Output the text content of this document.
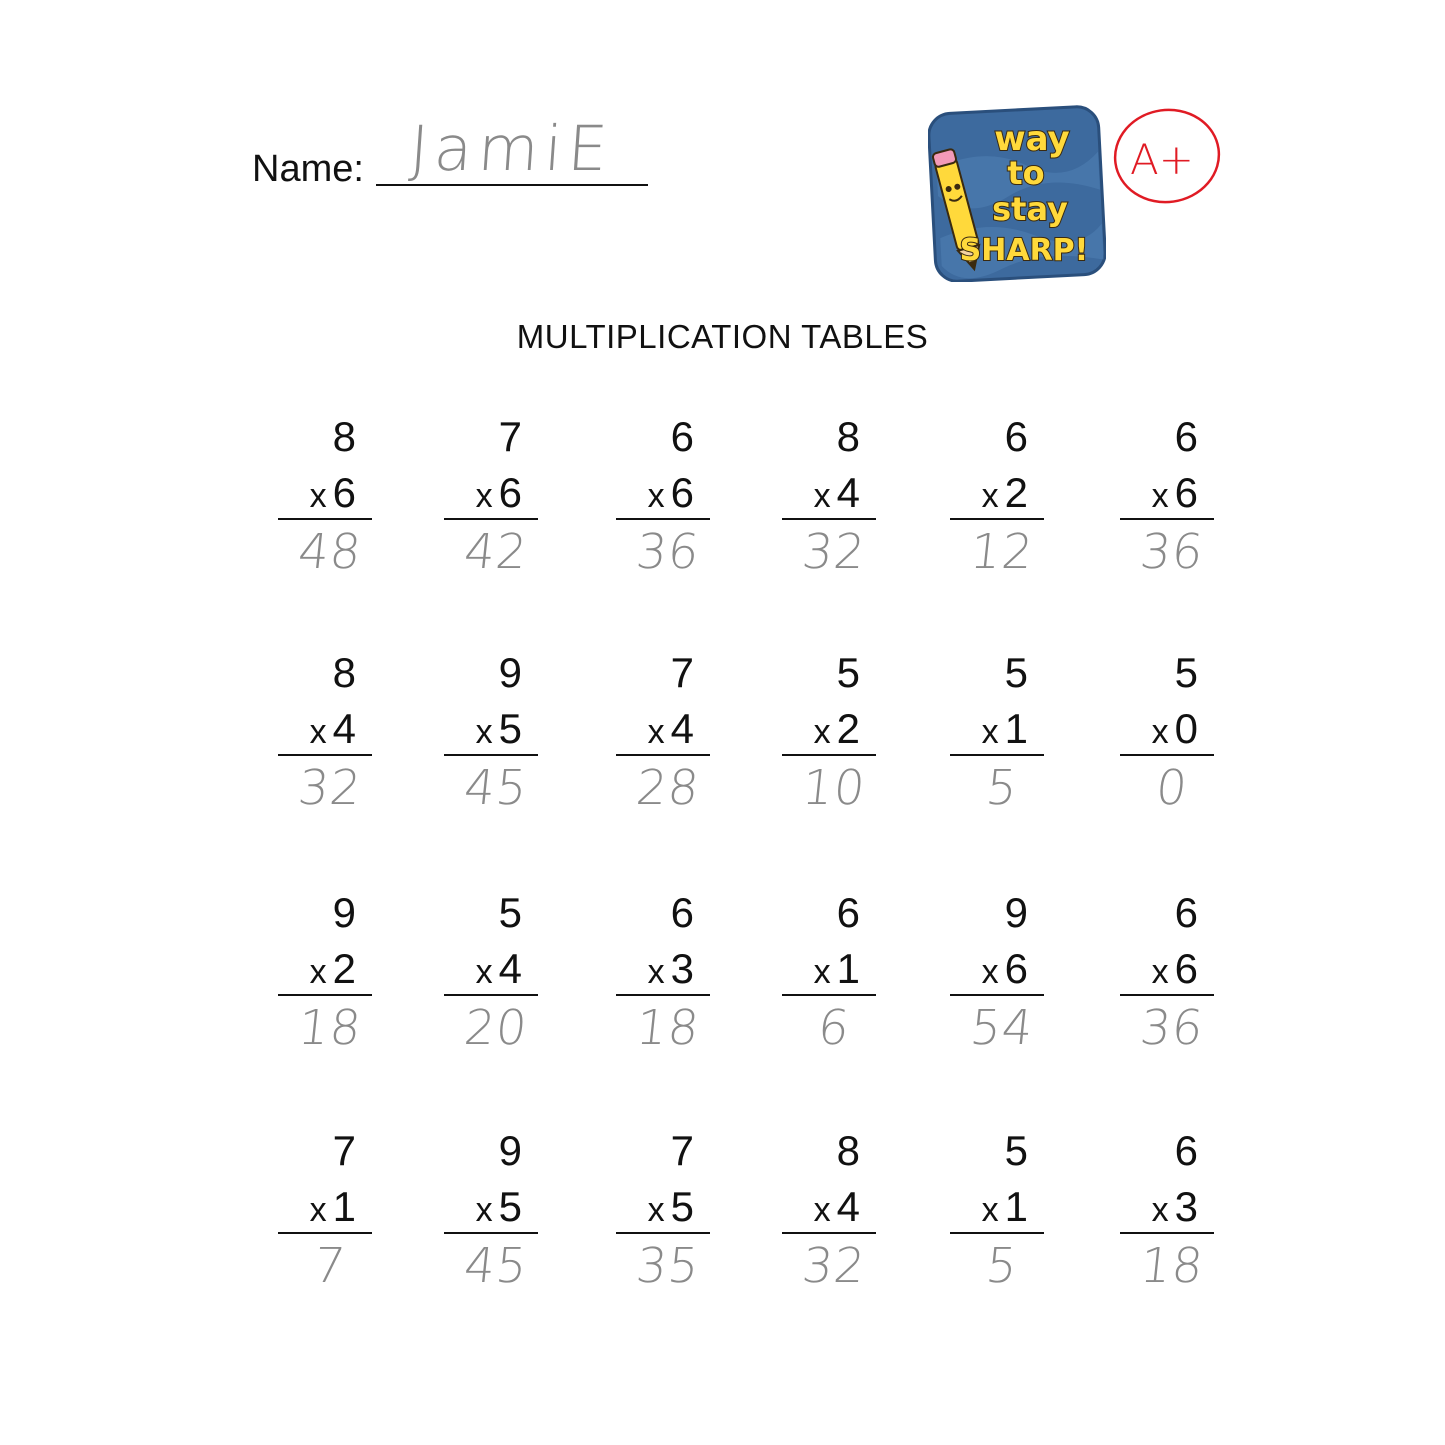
Name: JamiE	way
to
stay
SHARP!
A+
MULTIPLICATION TABLES
8
x 6
48
7
x 6
42
6
x 6
36
8
x 4
32
6
x 2
12
6
x 6
36
8
x 4
32
9
x 5
45
7
x 4
28
5
x 2
10
5
x 1
5
5
x 0
0
9
x 2
18
5
x 4
20
6
x 3
18
6
x 1
6
9
x 6
54
6
x 6
36
7
x 1
7
9
x 5
45
7
x 5
35
8
x 4
32
5
x 1
5
6
x 3
18
